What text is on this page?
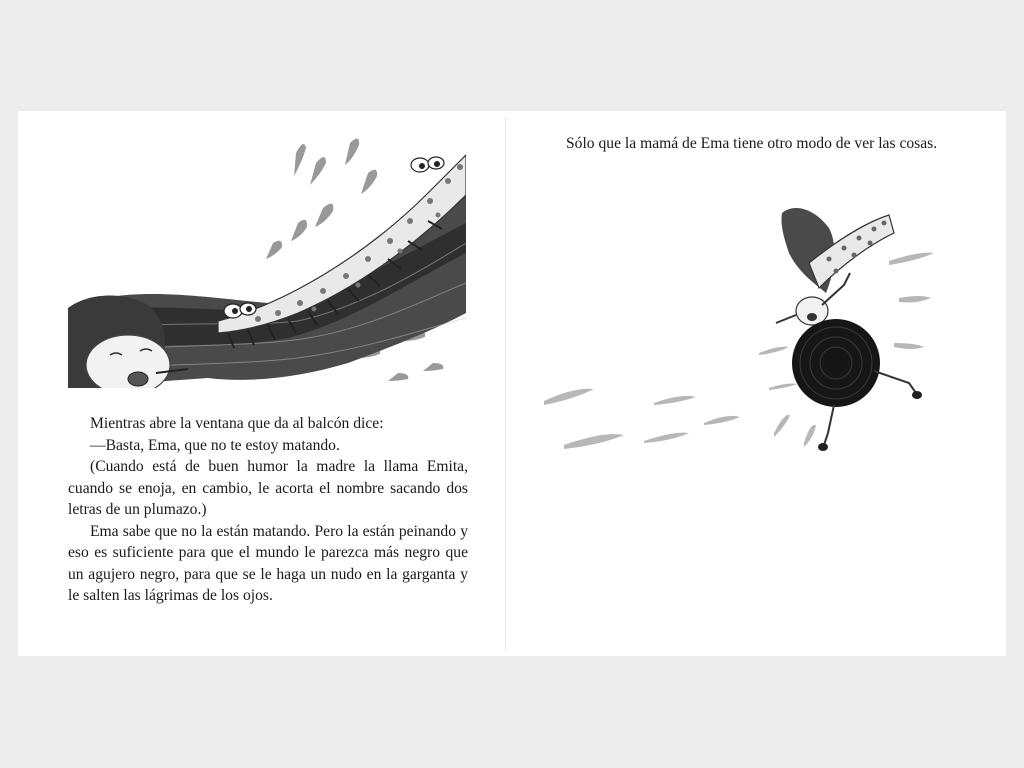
Mientras abre la ventana que da al balcón dice:

—Basta, Ema, que no te estoy matando.

(Cuando está de buen humor la madre la llama Emita, cuando se enoja, en cambio, le acorta el nombre sacando dos letras de un plumazo.)

Ema sabe que no la están matando. Pero la están peinando y eso es suficiente para que el mundo le parezca más negro que un agujero negro, para que se le haga un nudo en la garganta y le salten las lágrimas de los ojos.

Sólo que la mamá de Ema tiene otro modo de ver las cosas.
